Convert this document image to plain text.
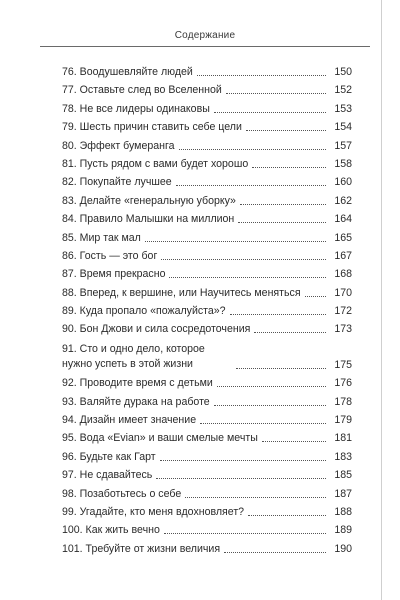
Содержание
76. Воодушевляйте людей	150
77. Оставьте след во Вселенной	152
78. Не все лидеры одинаковы	153
79. Шесть причин ставить себе цели	154
80. Эффект бумеранга	157
81. Пусть рядом с вами будет хорошо	158
82. Покупайте лучшее	160
83. Делайте «генеральную уборку»	162
84. Правило Малышки на миллион	164
85. Мир так мал	165
86. Гость — это бог	167
87. Время прекрасно	168
88. Вперед, к вершине, или Научитесь меняться	170
89. Куда пропало «пожалуйста»?	172
90. Бон Джови и сила сосредоточения	173
91. Сто и одно дело, которое нужно успеть в этой жизни	175
92. Проводите время с детьми	176
93. Валяйте дурака на работе	178
94. Дизайн имеет значение	179
95. Вода «Evian» и ваши смелые мечты	181
96. Будьте как Гарт	183
97. Не сдавайтесь	185
98. Позаботьтесь о себе	187
99. Угадайте, кто меня вдохновляет?	188
100. Как жить вечно	189
101. Требуйте от жизни величия	190
